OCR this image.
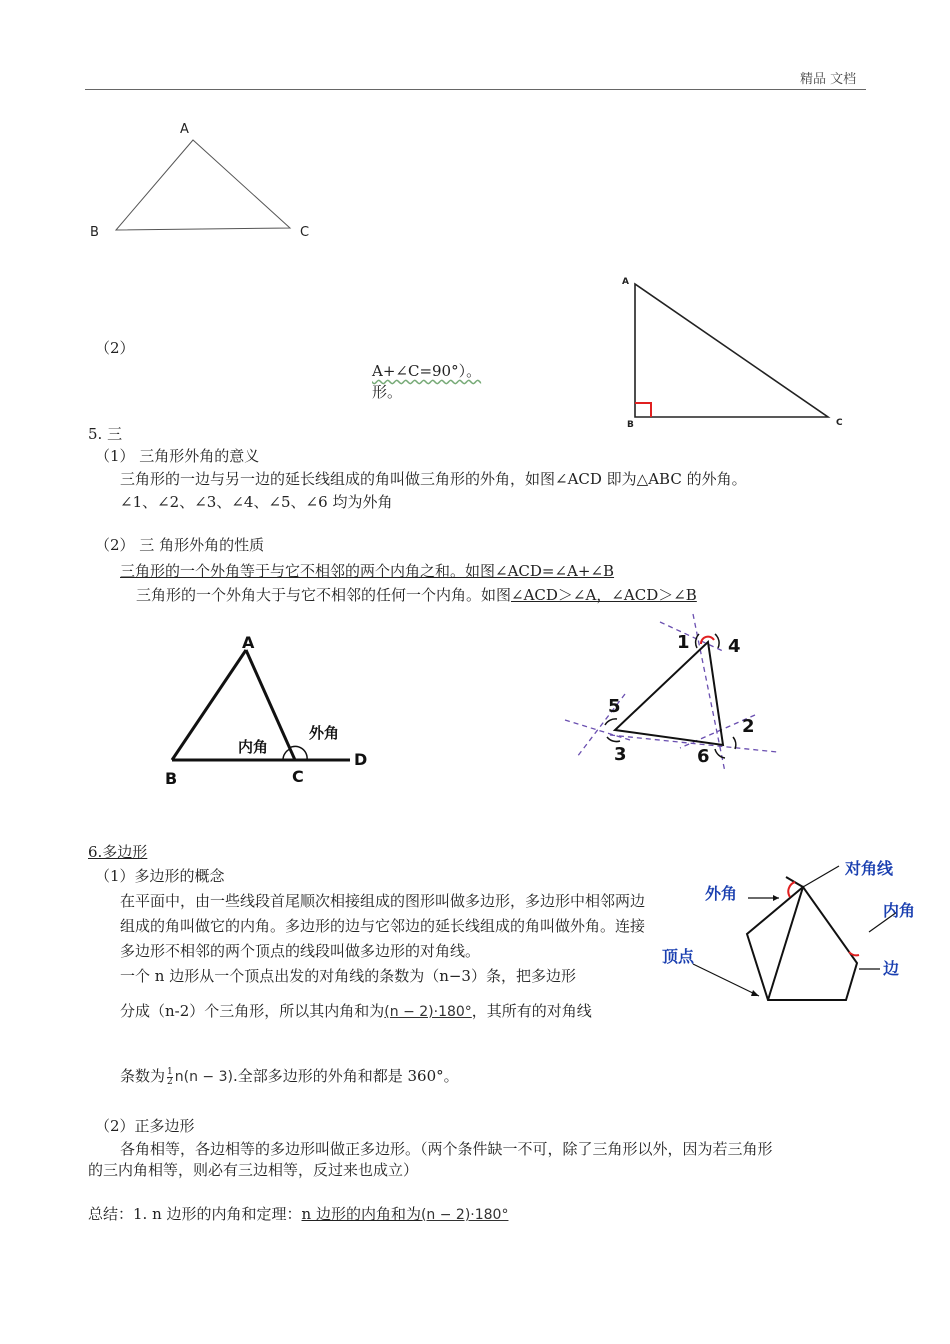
精品 文档
A
B	C
A
B	C
（2）
A+∠C=90°）。
形。
5. 三
（1） 三角形外角的意义
三角形的一边与另一边的延长线组成的角叫做三角形的外角，如图∠ACD 即为△ABC 的外角。
∠1、∠2、∠3、∠4、∠5、∠6 均为外角
（2） 三 角形外角的性质
三角形的一个外角等于与它不相邻的两个内角之和。如图∠ACD=∠A+∠B
三角形的一个外角大于与它不相邻的任何一个内角。如图∠ACD＞∠A，∠ACD＞∠B
A
B	C
D
内角
外角
1 4
5
3
2
6
6.多边形
（1）多边形的概念
在平面中，由一些线段首尾顺次相接组成的图形叫做多边形，多边形中相邻两边组成的角叫做它的内角。多边形的边与它邻边的延长线组成的角叫做外角。连接多边形不相邻的两个顶点的线段叫做多边形的对角线。
一个 n 边形从一个顶点出发的对角线的条数为（n−3）条，把多边形
分成（n-2）个三角形，所以其内角和为(n − 2)·180°，其所有的对角线
条数为 $\frac{1}{2} n(n - 3)$.全部多边形的外角和都是 360°。
（2）正多边形
各角相等，各边相等的多边形叫做正多边形。（两个条件缺一不可，除了三角形以外，因为若三角形
的三内角相等，则必有三边相等，反过来也成立）
总结：1. n 边形的内角和定理：n 边形的内角和为(n − 2)·180°
对角线
外角
内角
顶点
边
